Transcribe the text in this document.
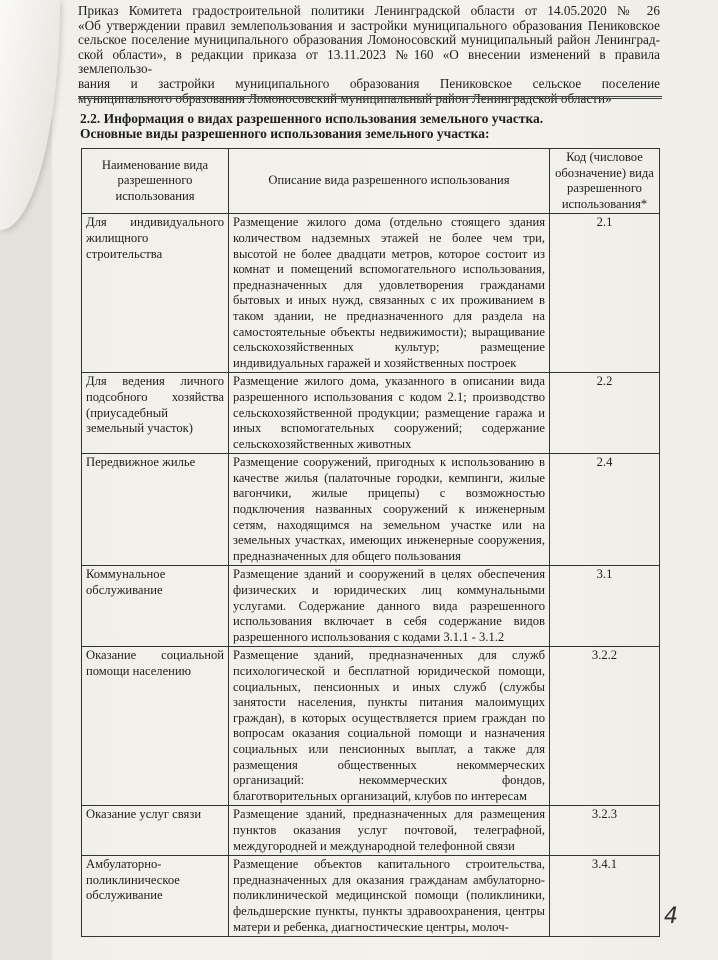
Приказ Комитета градостроительной политики Ленинградской области от 14.05.2020 № 26
«Об утверждении правил землепользования и застройки муниципального образования Пениковское
сельское поселение муниципального образования Ломоносовский муниципальный район Ленинград-
ской области», в редакции приказа от 13.11.2023 №160 «О внесении изменений в правила землепользо-
вания и застройки муниципального образования Пениковское сельское поселение
2.2. Информация о видах разрешенного использования земельного участка.
Основные виды разрешенного использования земельного участка:
Наименование вида разрешенного использования	Описание вида разрешенного использования	Код (числовое обозначение) вида разрешенного использования*
Для индивидуального жилищного строительства	Размещение жилого дома (отдельно стоящего здания количеством надземных этажей не более чем три, высотой не более двадцати метров, которое состоит из комнат и помещений вспомогательного использования, предназначенных для удовлетворения гражданами бытовых и иных нужд, связанных с их проживанием в таком здании, не предназначенного для раздела на самостоятельные объекты недвижимости); выращивание сельскохозяйственных культур; размещение индивидуальных гаражей и хозяйственных построек	2.1
Для ведения личного подсобного хозяйства (приусадебный земельный участок)	Размещение жилого дома, указанного в описании вида разрешенного использования с кодом 2.1; производство сельскохозяйственной продукции; размещение гаража и иных вспомогательных сооружений; содержание сельскохозяйственных животных	2.2
Передвижное жилье	Размещение сооружений, пригодных к использованию в качестве жилья (палаточные городки, кемпинги, жилые вагончики, жилые прицепы) с возможностью подключения названных сооружений к инженерным сетям, находящимся на земельном участке или на земельных участках, имеющих инженерные сооружения, предназначенных для общего пользования	2.4
Коммунальное обслуживание	Размещение зданий и сооружений в целях обеспечения физических и юридических лиц коммунальными услугами. Содержание данного вида разрешенного использования включает в себя содержание видов разрешенного использования с кодами 3.1.1 - 3.1.2	3.1
Оказание социальной помощи населению	Размещение зданий, предназначенных для служб психологической и бесплатной юридической помощи, социальных, пенсионных и иных служб (службы занятости населения, пункты питания малоимущих граждан), в которых осуществляется прием граждан по вопросам оказания социальной помощи и назначения социальных или пенсионных выплат, а также для размещения общественных некоммерческих организаций: некоммерческих фондов, благотворительных организаций, клубов по интересам	3.2.2
Оказание услуг связи	Размещение зданий, предназначенных для размещения пунктов оказания услуг почтовой, телеграфной, междугородней и международной телефонной связи	3.2.3
Амбулаторно-поликлиническое обслуживание	Размещение объектов капитального строительства, предназначенных для оказания гражданам амбулаторно-поликлинической медицинской помощи (поликлиники, фельдшерские пункты, пункты здравоохранения, центры матери и ребенка, диагностические центры, молоч-	3.4.1
4
